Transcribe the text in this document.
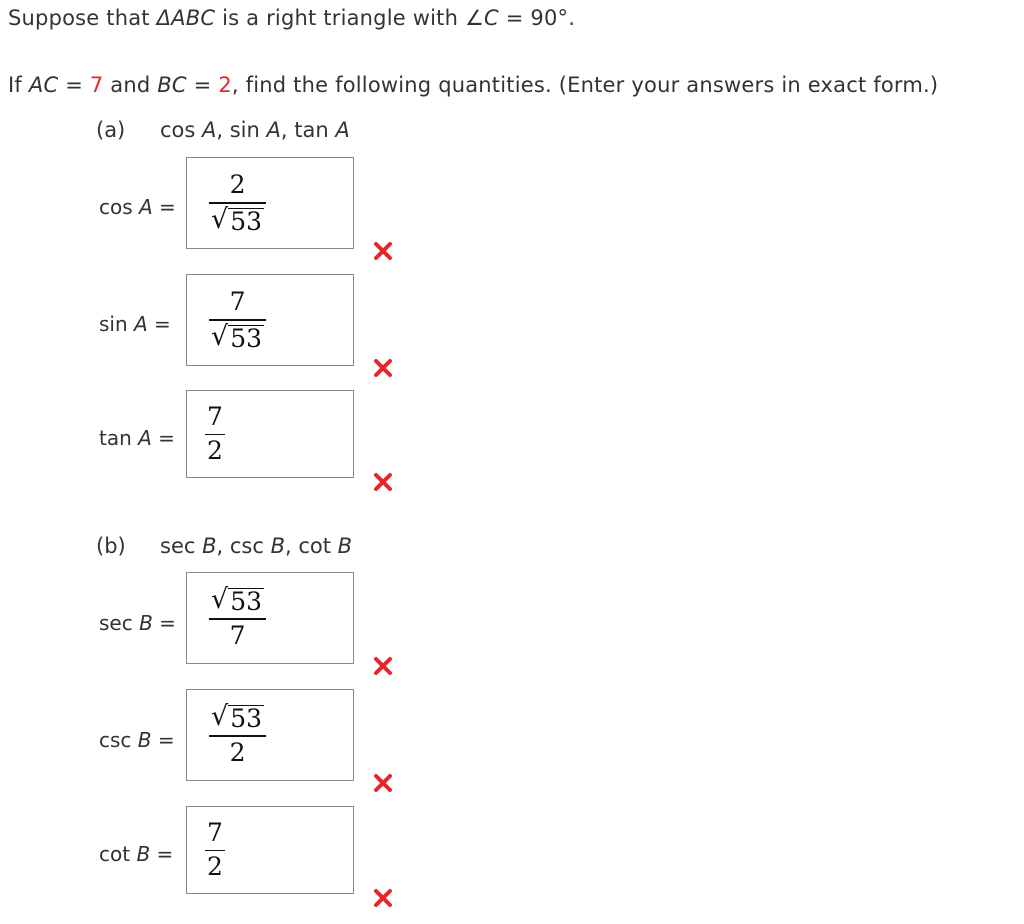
Suppose that ΔABC is a right triangle with ∠C = 90°.
If AC = 7 and BC = 2, find the following quantities. (Enter your answers in exact form.)
(a) cos A, sin A, tan A
cos A =
2
√ 53
sin A =
7
√ 53
tan A =
7
2
(b) sec B, csc B, cot B
sec B =
√ 53
7
csc B =
√ 53
2
cot B =
7
2
